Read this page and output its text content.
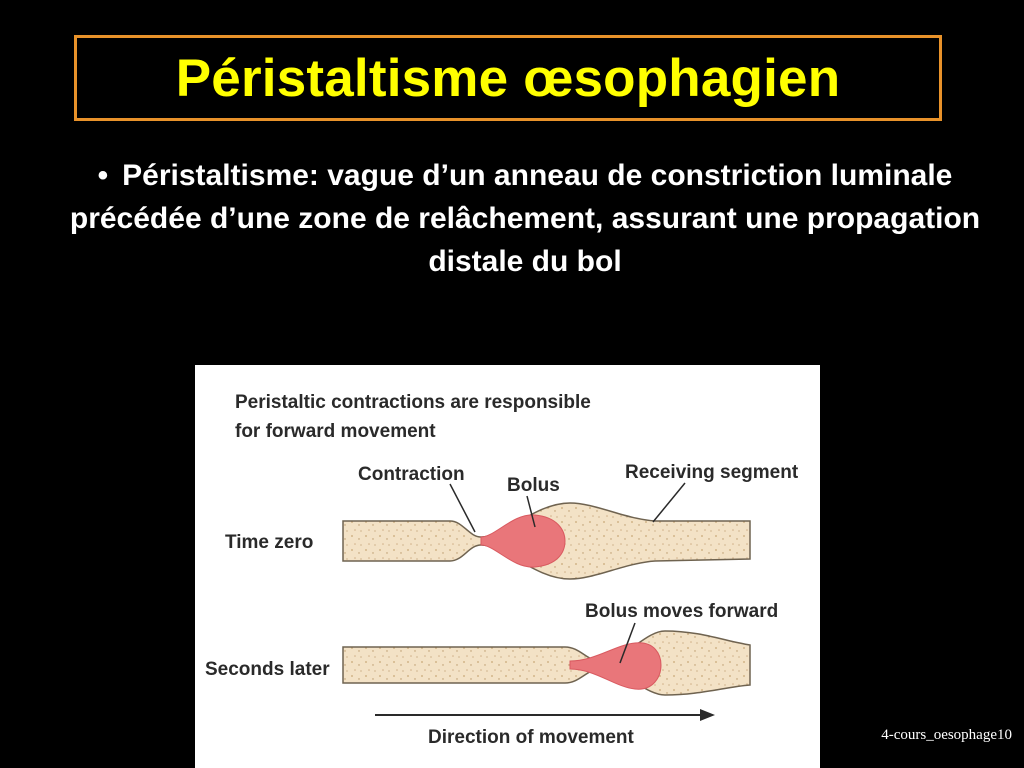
Péristaltisme œsophagien
• Péristaltisme: vague d’un anneau de constriction luminale précédée d’une zone de relâchement, assurant une propagation distale du bol
Peristaltic contractions are responsible
for forward movement
Contraction
Bolus
Receiving segment
Time zero
Bolus moves forward
Seconds later
Direction of movement	4-cours_oesophage10
